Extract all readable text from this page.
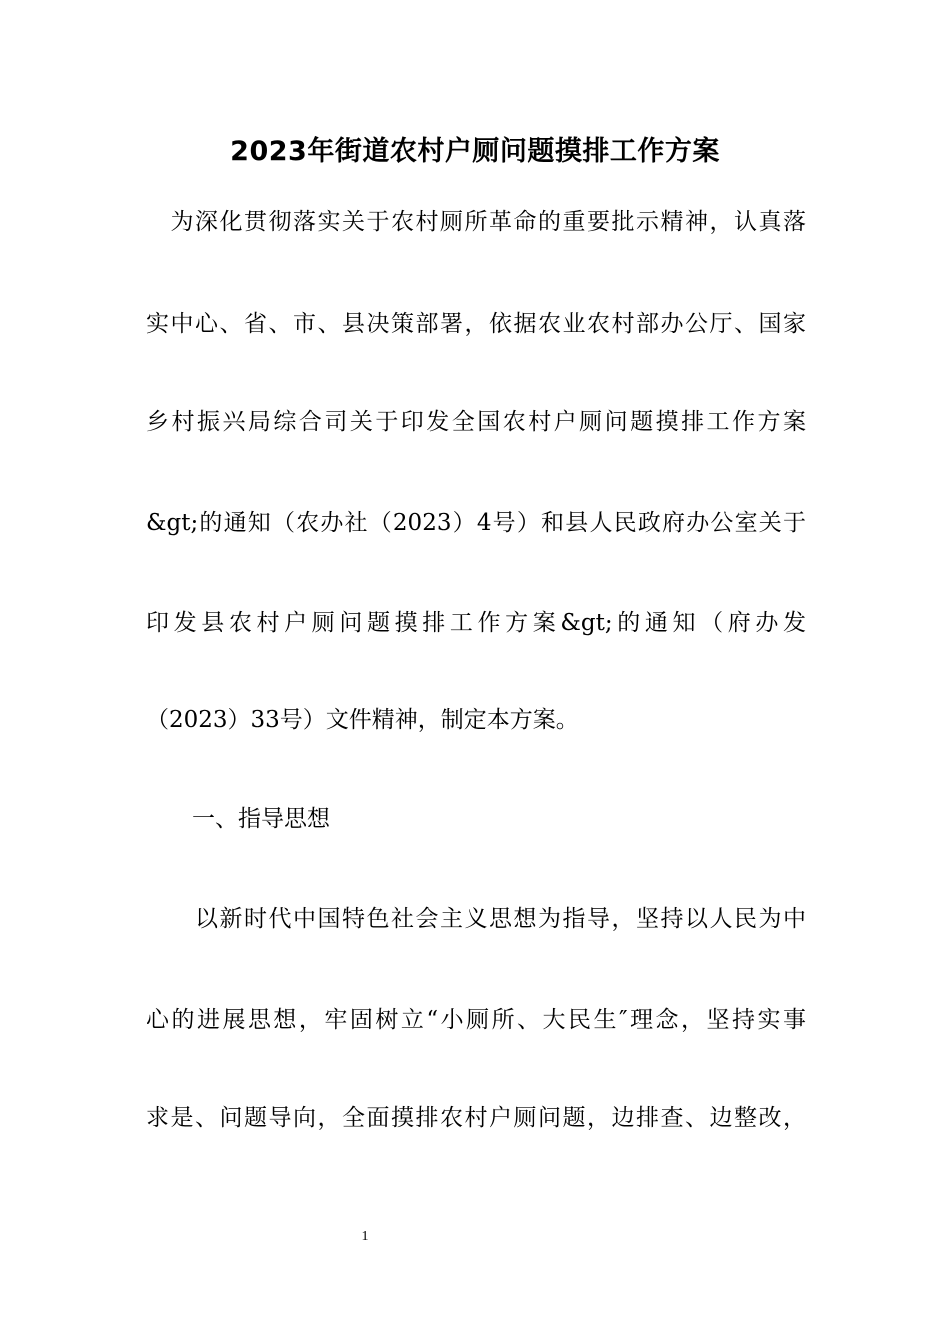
2023年街道农村户厕问题摸排工作方案
　为深化贯彻落实关于农村厕所革命的重要批示精神，认真落
实中心、省、市、县决策部署，依据农业农村部办公厅、国家
乡村振兴局综合司关于印发全国农村户厕问题摸排工作方案
&gt;的通知（农办社（2023）4号）和县人民政府办公室关于
印发县农村户厕问题摸排工作方案&gt;的通知（府办发
（2023）33号）文件精神，制定本方案。
　　一、指导思想
　　以新时代中国特色社会主义思想为指导，坚持以人民为中
心的进展思想，牢固树立“小厕所、大民生″理念，坚持实事
求是、问题导向，全面摸排农村户厕问题，边排查、边整改，
1
